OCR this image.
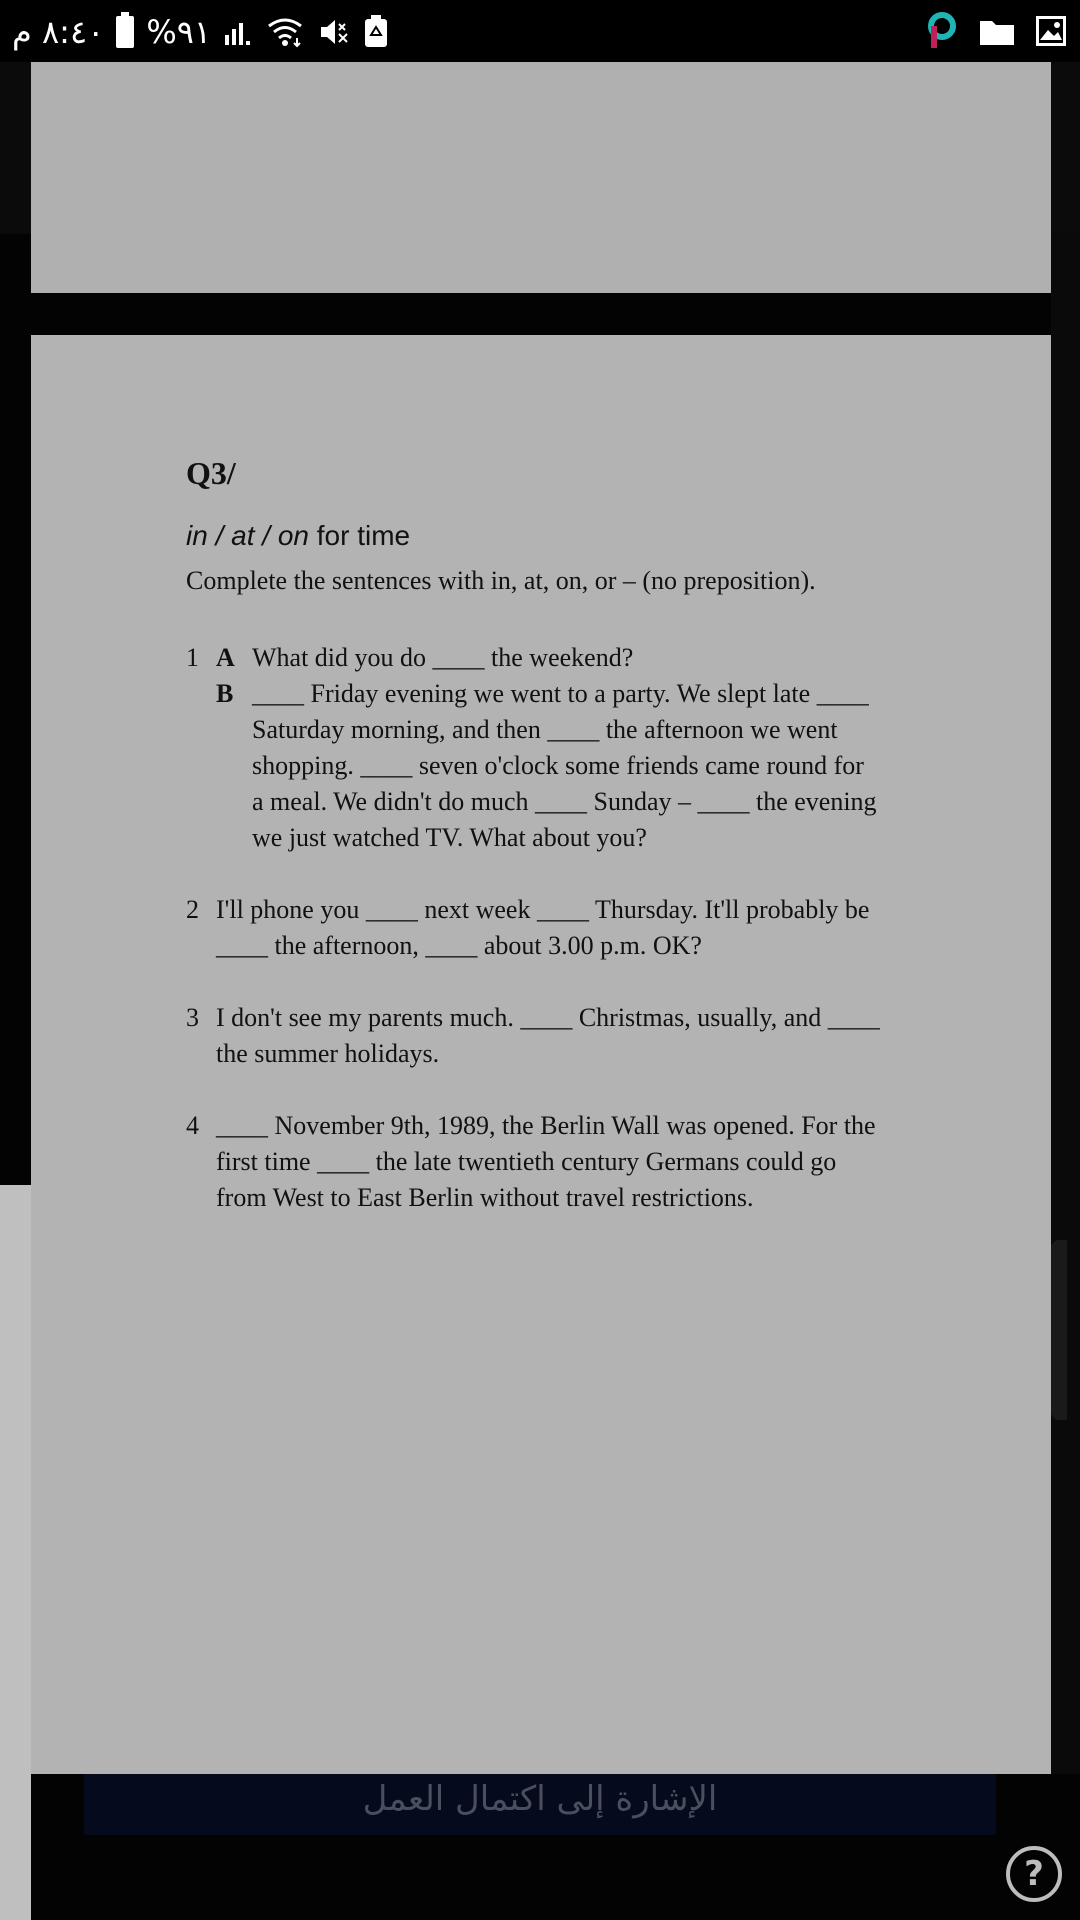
الإشارة إلى اكتمال العمل
?
٨:٤٠ م %٩١
Q3/
in / at / on for time
Complete the sentences with in, at, on, or – (no preposition).
1 A What did you do ____ the weekend?
B ____ Friday evening we went to a party. We slept late ____
Saturday morning, and then ____ the afternoon we went
shopping. ____ seven o'clock some friends came round for
a meal. We didn't do much ____ Sunday – ____ the evening
we just watched TV. What about you?
2 I'll phone you ____ next week ____ Thursday. It'll probably be
____ the afternoon, ____ about 3.00 p.m. OK?
3 I don't see my parents much. ____ Christmas, usually, and ____
the summer holidays.
4 ____ November 9th, 1989, the Berlin Wall was opened. For the
first time ____ the late twentieth century Germans could go
from West to East Berlin without travel restrictions.
